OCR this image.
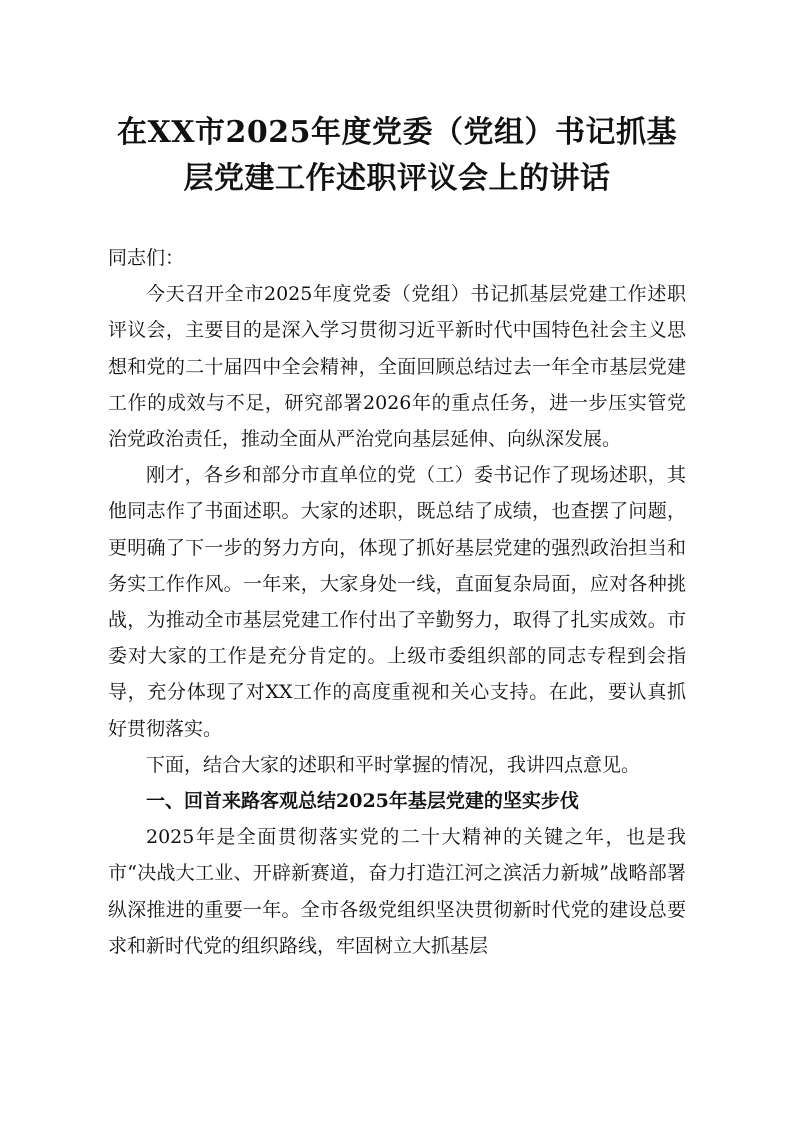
在XX市2025年度党委（党组）书记抓基
层党建工作述职评议会上的讲话

同志们：

今天召开全市2025年度党委（党组）书记抓基层党建工作述职评议会，主要目的是深入学习贯彻习近平新时代中国特色社会主义思想和党的二十届四中全会精神，全面回顾总结过去一年全市基层党建工作的成效与不足，研究部署2026年的重点任务，进一步压实管党治党政治责任，推动全面从严治党向基层延伸、向纵深发展。

刚才，各乡和部分市直单位的党（工）委书记作了现场述职，其他同志作了书面述职。大家的述职，既总结了成绩，也查摆了问题，更明确了下一步的努力方向，体现了抓好基层党建的强烈政治担当和务实工作作风。一年来，大家身处一线，直面复杂局面，应对各种挑战，为推动全市基层党建工作付出了辛勤努力，取得了扎实成效。市委对大家的工作是充分肯定的。上级市委组织部的同志专程到会指导，充分体现了对XX工作的高度重视和关心支持。在此，要认真抓好贯彻落实。

下面，结合大家的述职和平时掌握的情况，我讲四点意见。

一、回首来路客观总结2025年基层党建的坚实步伐

2025年是全面贯彻落实党的二十大精神的关键之年，也是我市“决战大工业、开辟新赛道，奋力打造江河之滨活力新城”战略部署纵深推进的重要一年。全市各级党组织坚决贯彻新时代党的建设总要求和新时代党的组织路线，牢固树立大抓基层
